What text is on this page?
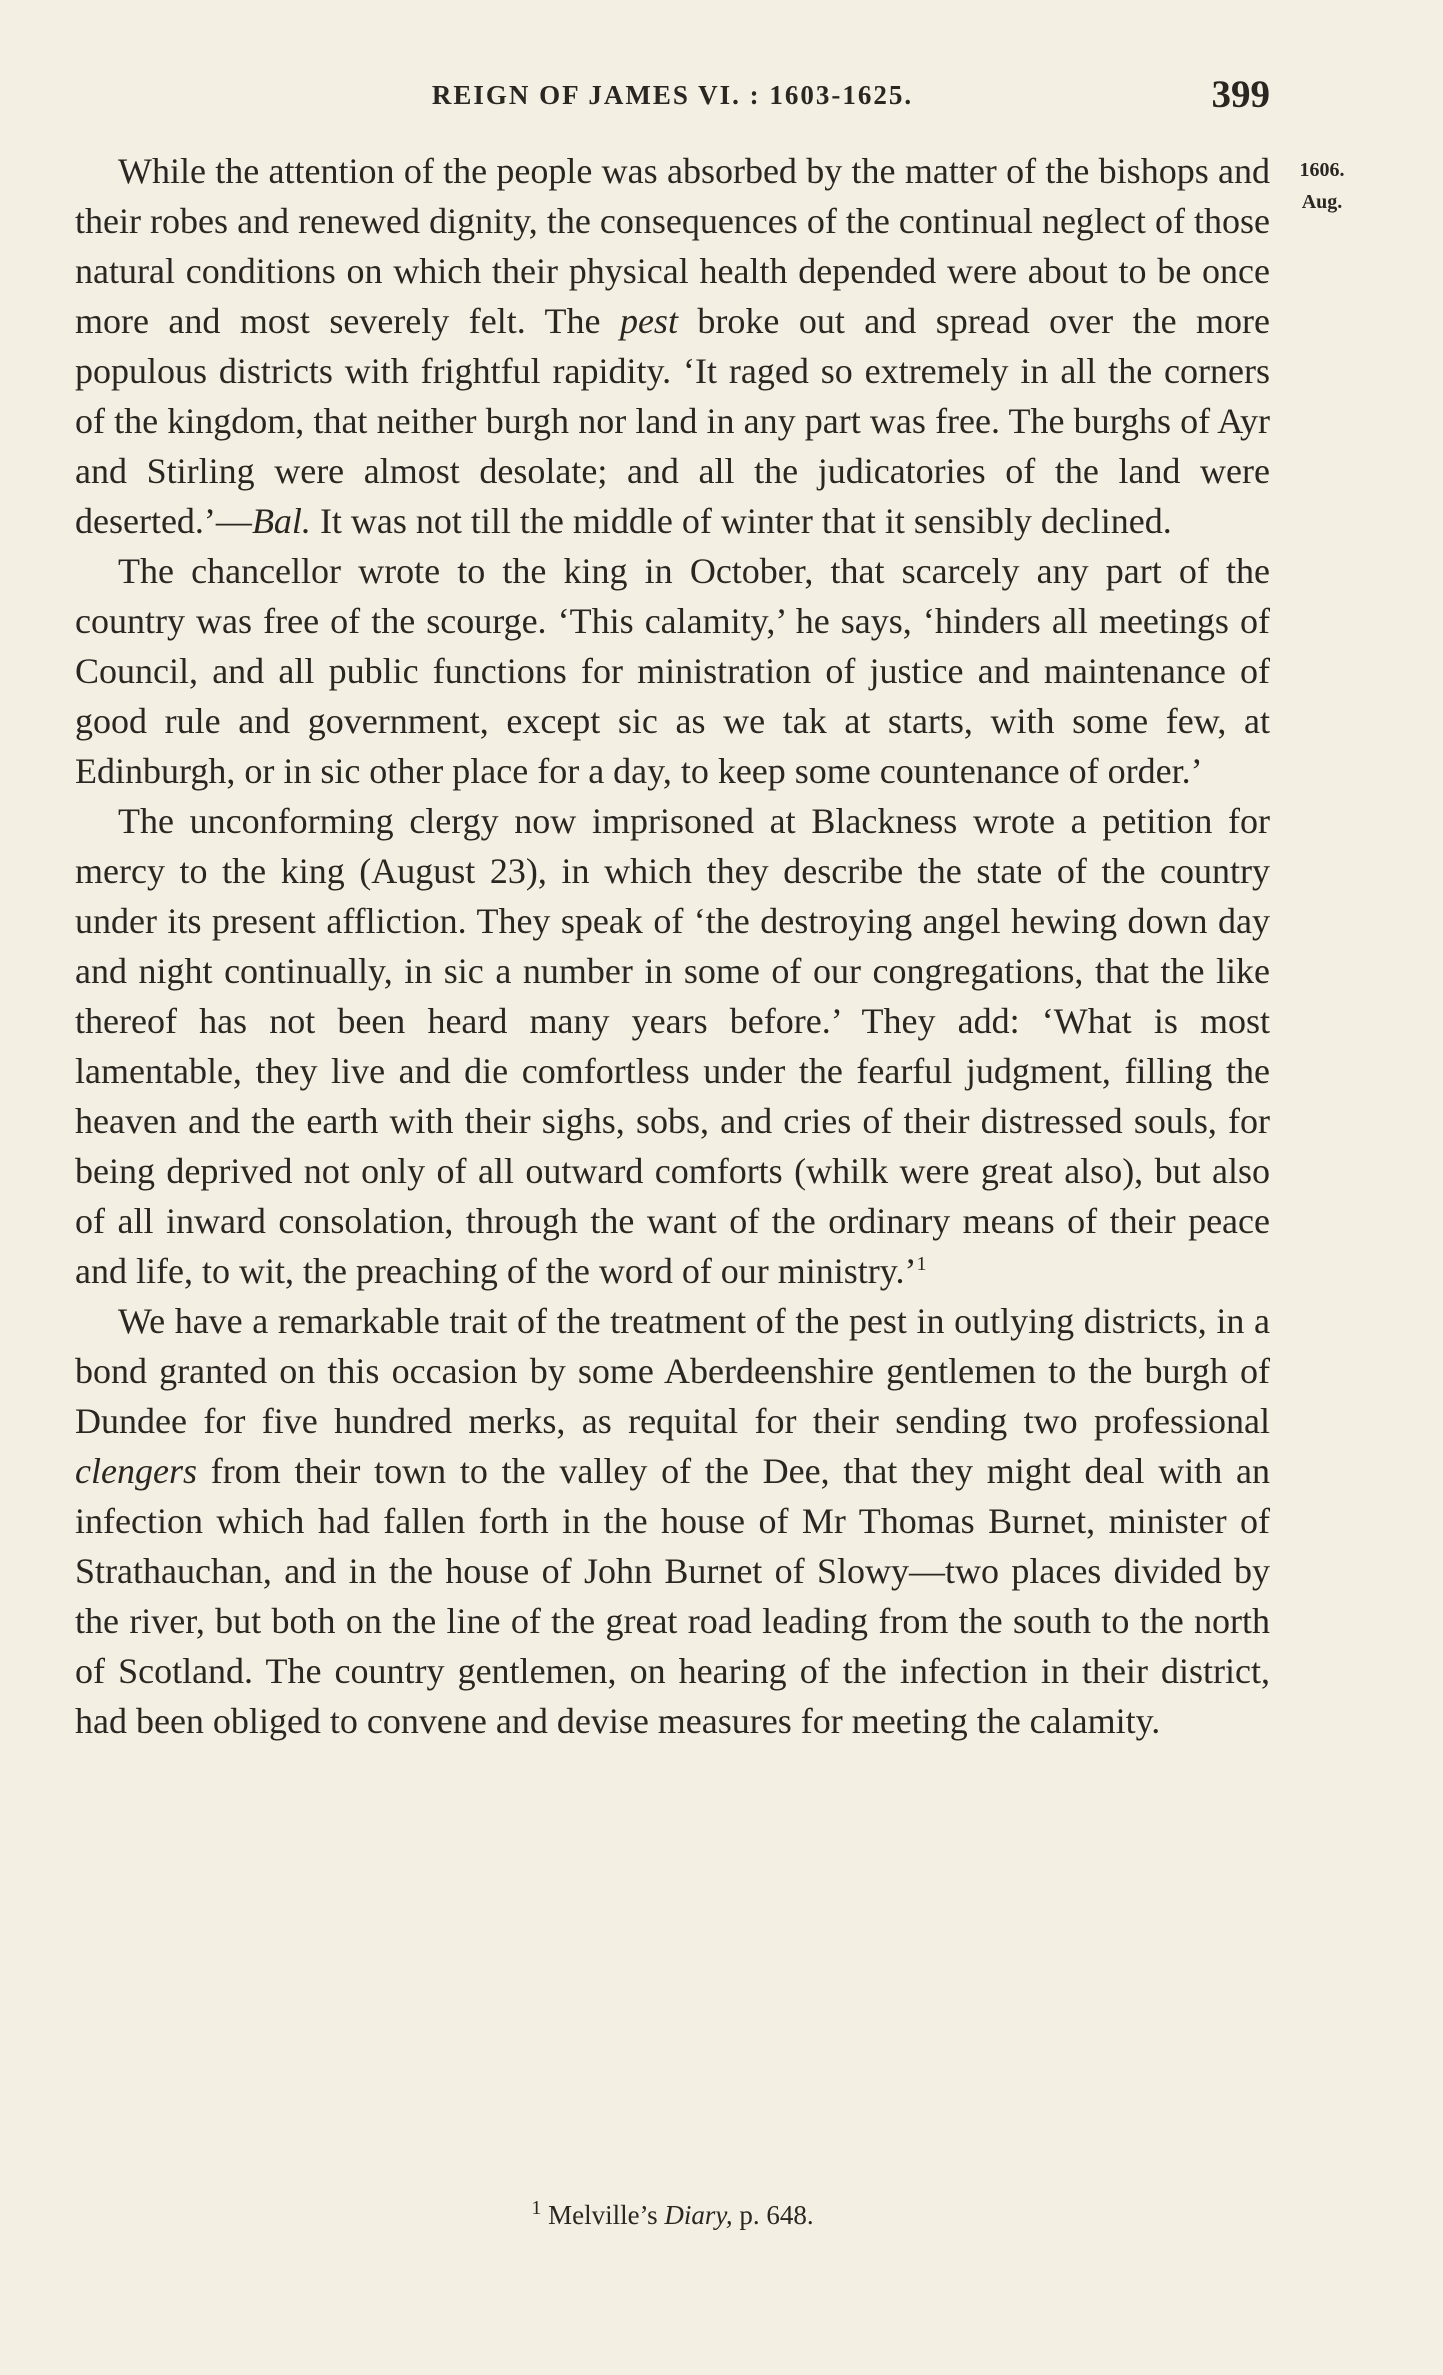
REIGN OF JAMES VI. : 1603-1625.	399
1606.
Aug.

While the attention of the people was absorbed by the matter of the bishops and their robes and renewed dignity, the consequences of the continual neglect of those natural conditions on which their physical health depended were about to be once more and most severely felt. The pest broke out and spread over the more populous districts with frightful rapidity. ‘It raged so extremely in all the corners of the kingdom, that neither burgh nor land in any part was free. The burghs of Ayr and Stirling were almost desolate; and all the judicatories of the land were deserted.’—Bal. It was not till the middle of winter that it sensibly declined.

The chancellor wrote to the king in October, that scarcely any part of the country was free of the scourge. ‘This calamity,’ he says, ‘hinders all meetings of Council, and all public functions for ministration of justice and maintenance of good rule and government, except sic as we tak at starts, with some few, at Edinburgh, or in sic other place for a day, to keep some countenance of order.’

The unconforming clergy now imprisoned at Blackness wrote a petition for mercy to the king (August 23), in which they describe the state of the country under its present affliction. They speak of ‘the destroying angel hewing down day and night continually, in sic a number in some of our congregations, that the like thereof has not been heard many years before.’ They add: ‘What is most lamentable, they live and die comfortless under the fearful judgment, filling the heaven and the earth with their sighs, sobs, and cries of their distressed souls, for being deprived not only of all outward comforts (whilk were great also), but also of all inward consolation, through the want of the ordinary means of their peace and life, to wit, the preaching of the word of our ministry.’$^1$

We have a remarkable trait of the treatment of the pest in outlying districts, in a bond granted on this occasion by some Aberdeenshire gentlemen to the burgh of Dundee for five hundred merks, as requital for their sending two professional clengers from their town to the valley of the Dee, that they might deal with an infection which had fallen forth in the house of Mr Thomas Burnet, minister of Strathauchan, and in the house of John Burnet of Slowy—two places divided by the river, but both on the line of the great road leading from the south to the north of Scotland. The country gentlemen, on hearing of the infection in their district, had been obliged to convene and devise measures for meeting the calamity.

$^1$ Melville’s Diary, p. 648.
